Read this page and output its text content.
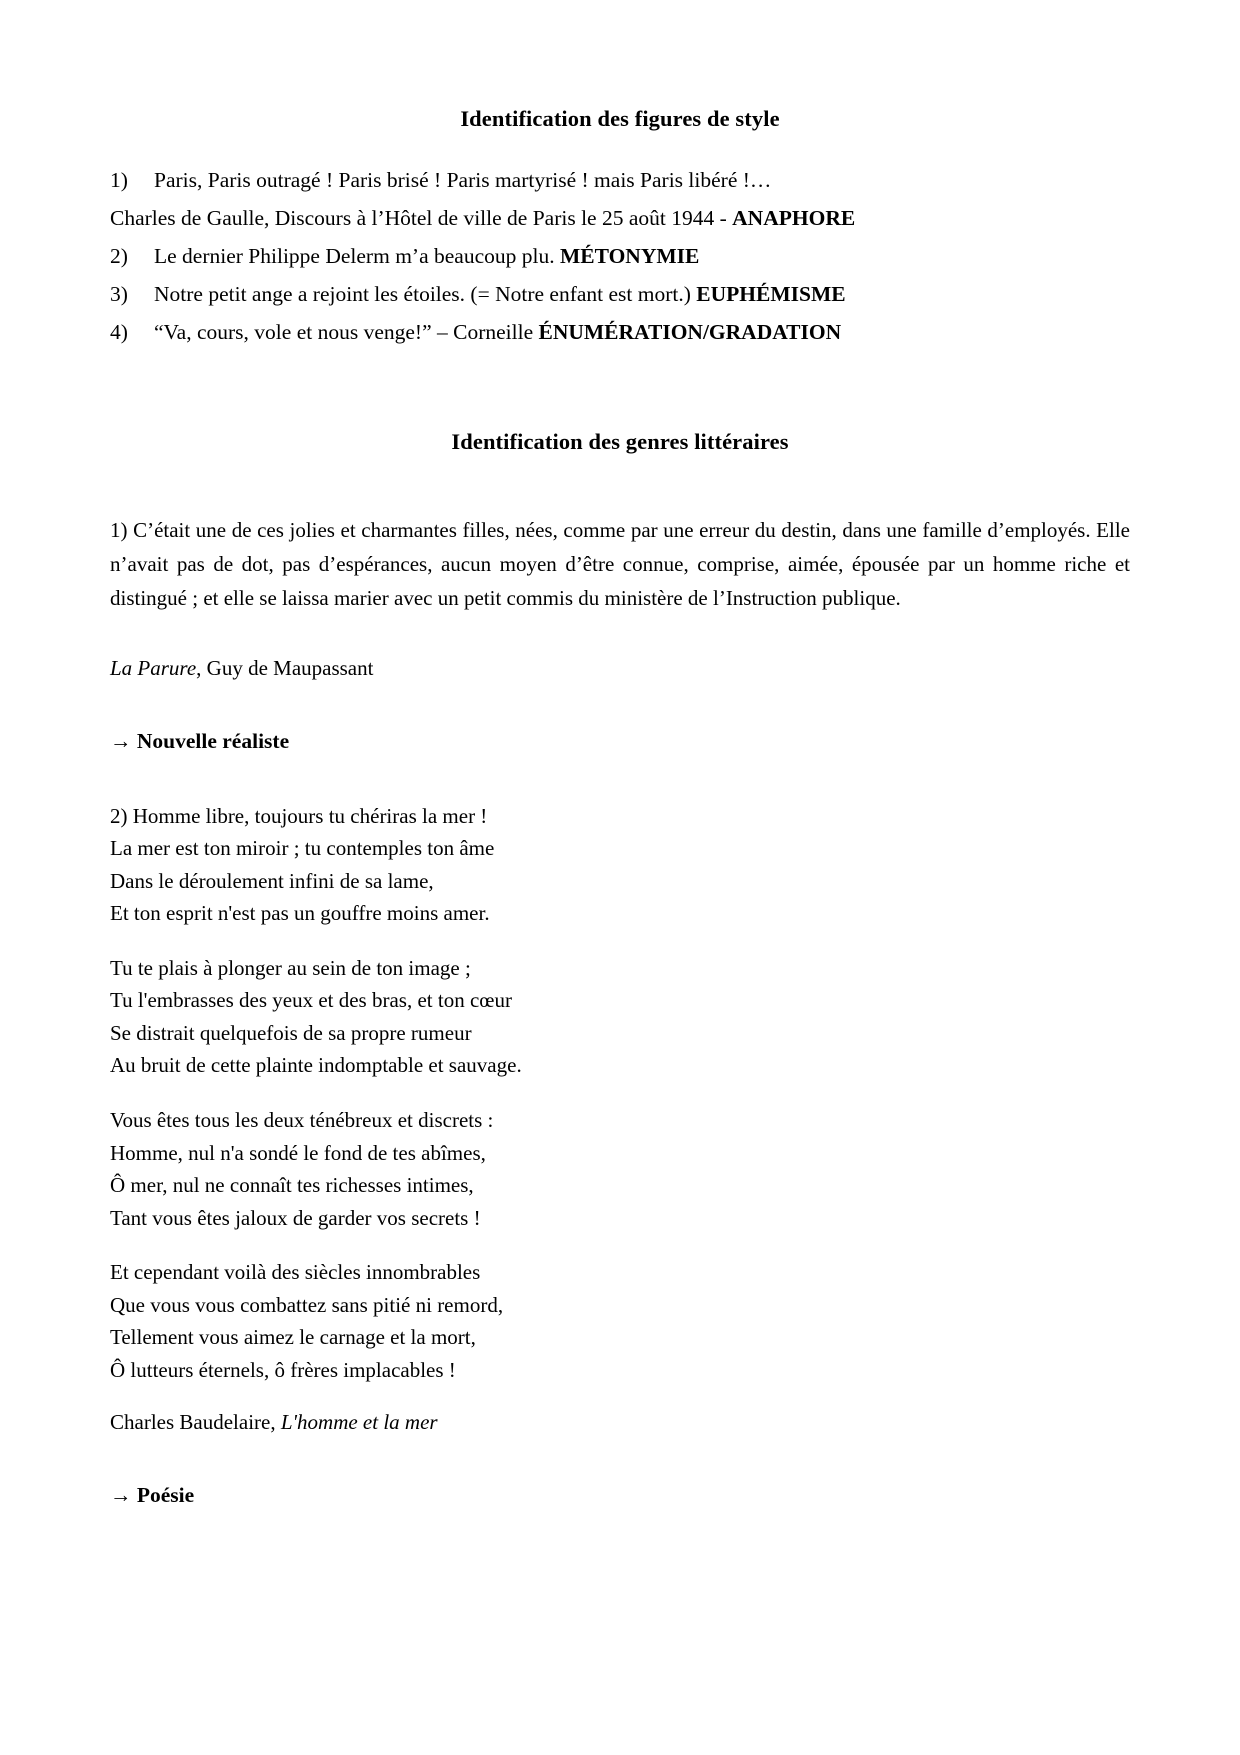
Identification des figures de style
1)	Paris, Paris outragé ! Paris brisé ! Paris martyrisé ! mais Paris libéré !…
Charles de Gaulle, Discours à l’Hôtel de ville de Paris le 25 août 1944 - ANAPHORE
2)	Le dernier Philippe Delerm m’a beaucoup plu. MÉTONYMIE
3)	Notre petit ange a rejoint les étoiles. (= Notre enfant est mort.) EUPHÉMISME
4)	“Va, cours, vole et nous venge!” – Corneille ÉNUMÉRATION/GRADATION
Identification des genres littéraires

1) C’était une de ces jolies et charmantes filles, nées, comme par une erreur du destin, dans une famille d’employés. Elle n’avait pas de dot, pas d’espérances, aucun moyen d’être connue, comprise, aimée, épousée par un homme riche et distingué ; et elle se laissa marier avec un petit commis du ministère de l’Instruction publique.

La Parure, Guy de Maupassant

→ Nouvelle réaliste

2) Homme libre, toujours tu chériras la mer !
La mer est ton miroir ; tu contemples ton âme
Dans le déroulement infini de sa lame,
Et ton esprit n'est pas un gouffre moins amer.
Tu te plais à plonger au sein de ton image ;
Tu l'embrasses des yeux et des bras, et ton cœur
Se distrait quelquefois de sa propre rumeur
Au bruit de cette plainte indomptable et sauvage.
Vous êtes tous les deux ténébreux et discrets :
Homme, nul n'a sondé le fond de tes abîmes,
Ô mer, nul ne connaît tes richesses intimes,
Tant vous êtes jaloux de garder vos secrets !
Et cependant voilà des siècles innombrables
Que vous vous combattez sans pitié ni remord,
Tellement vous aimez le carnage et la mort,
Ô lutteurs éternels, ô frères implacables !

Charles Baudelaire, L'homme et la mer

→ Poésie
